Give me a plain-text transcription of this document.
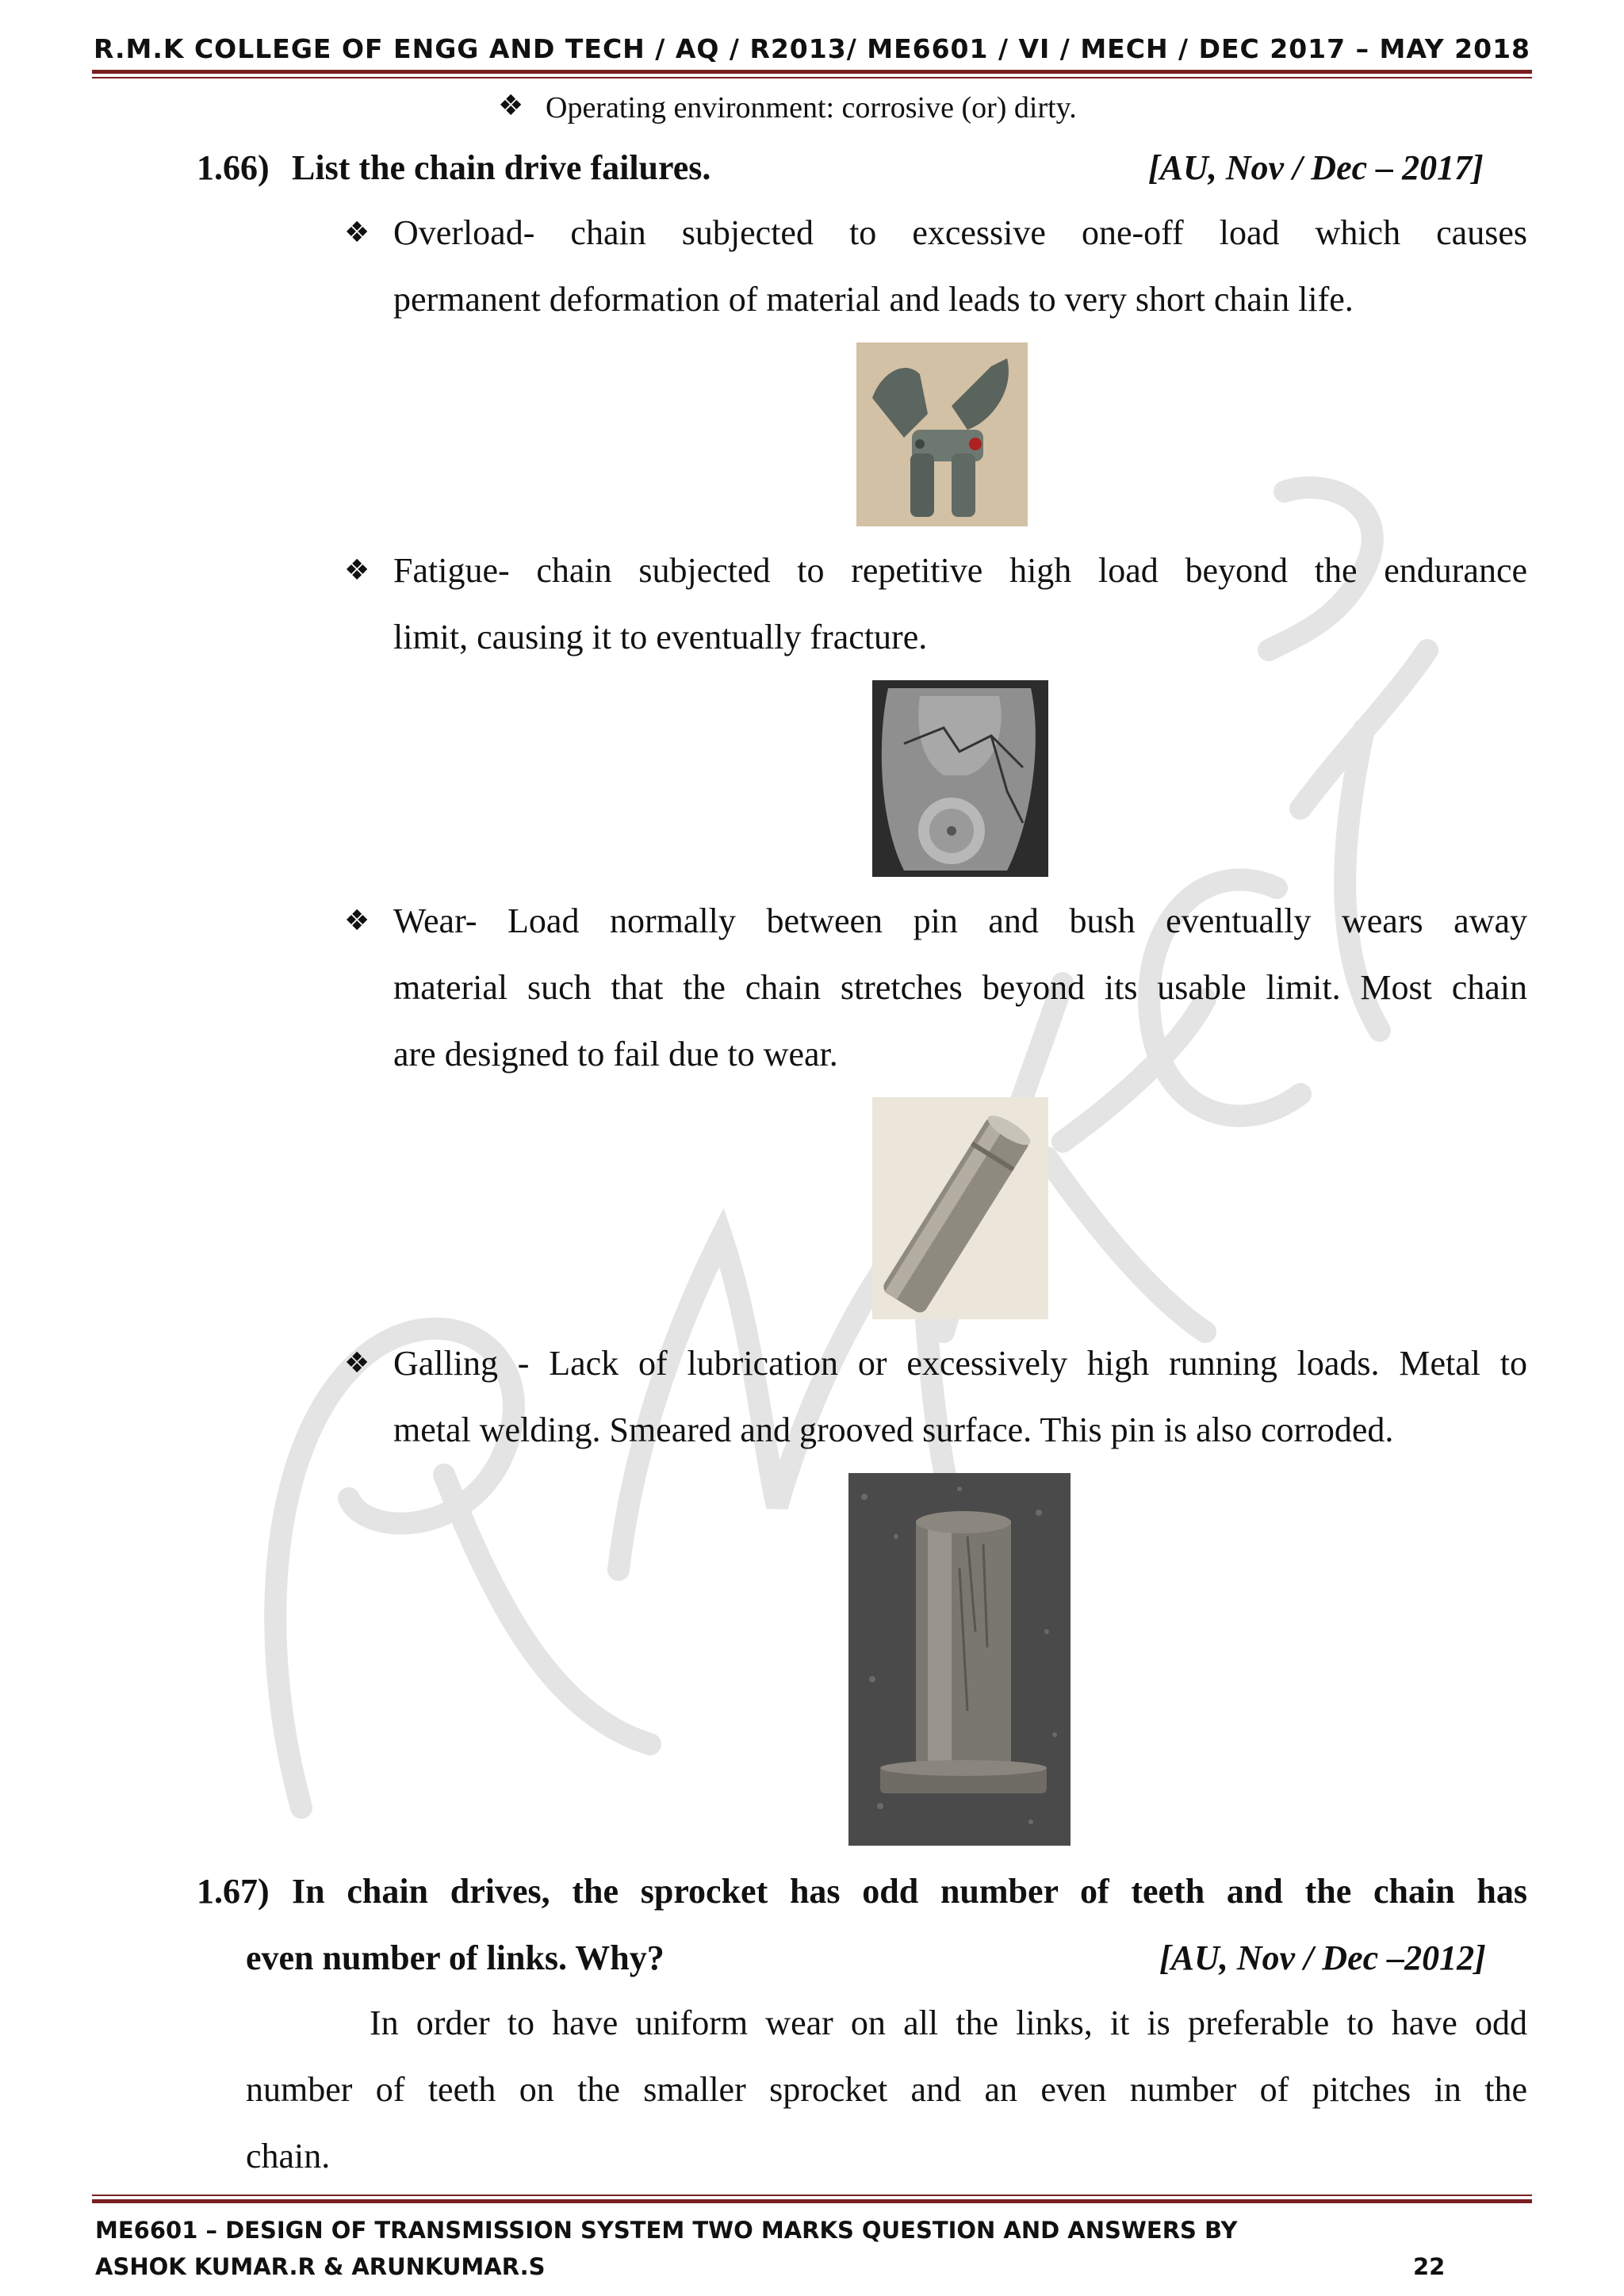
R.M.K COLLEGE OF ENGG AND TECH / AQ / R2013/ ME6601 / VI / MECH / DEC 2017 – MAY 2018
❖ Operating environment: corrosive (or) dirty.
1.66) List the chain drive failures.	[AU, Nov / Dec – 2017]
❖ Overload- chain subjected to excessive one-off load which causes
permanent deformation of material and leads to very short chain life.
❖ Fatigue- chain subjected to repetitive high load beyond the endurance
limit, causing it to eventually fracture.
❖ Wear- Load normally between pin and bush eventually wears away
material such that the chain stretches beyond its usable limit. Most chain
are designed to fail due to wear.
❖ Galling - Lack of lubrication or excessively high running loads. Metal to
metal welding. Smeared and grooved surface. This pin is also corroded.
1.67) In chain drives, the sprocket has odd number of teeth and the chain has
even number of links. Why?	[AU, Nov / Dec –2012]
In order to have uniform wear on all the links, it is preferable to have odd
number of teeth on the smaller sprocket and an even number of pitches in the
chain.
ME6601 – DESIGN OF TRANSMISSION SYSTEM TWO MARKS QUESTION AND ANSWERS BY
ASHOK KUMAR.R & ARUNKUMAR.S	22
